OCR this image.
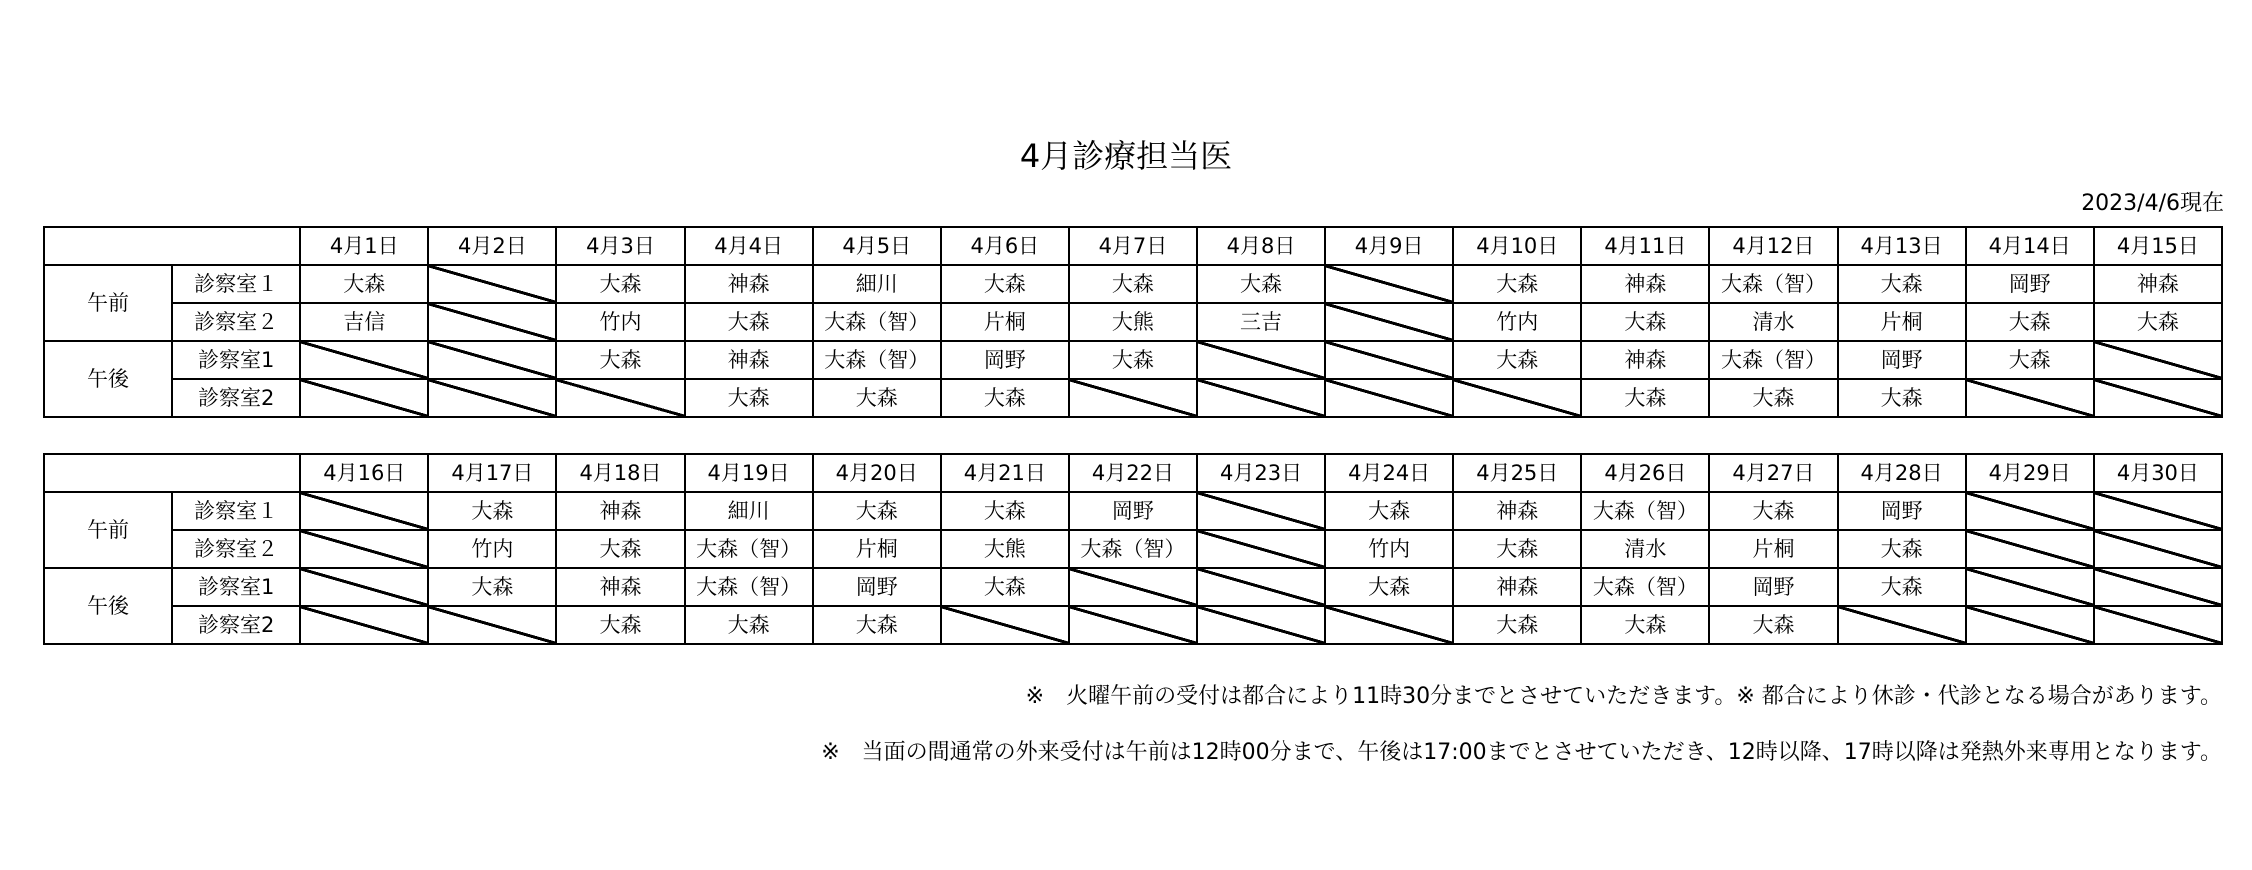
4月診療担当医
2023/4/6現在
		4月1日	4月2日	4月3日	4月4日	4月5日	4月6日	4月7日	4月8日	4月9日	4月10日	4月11日	4月12日	4月13日	4月14日	4月15日
午前	診察室１	大森		大森	神森	細川	大森	大森	大森		大森	神森	大森（智）	大森	岡野	神森
	診察室２	吉信		竹内	大森	大森（智）	片桐	大熊	三吉		竹内	大森	清水	片桐	大森	大森
午後	診察室1			大森	神森	大森（智）	岡野	大森			大森	神森	大森（智）	岡野	大森	
	診察室2				大森	大森	大森					大森	大森	大森		
		4月16日	4月17日	4月18日	4月19日	4月20日	4月21日	4月22日	4月23日	4月24日	4月25日	4月26日	4月27日	4月28日	4月29日	4月30日
午前	診察室１		大森	神森	細川	大森	大森	岡野		大森	神森	大森（智）	大森	岡野		
	診察室２		竹内	大森	大森（智）	片桐	大熊	大森（智）		竹内	大森	清水	片桐	大森		
午後	診察室1		大森	神森	大森（智）	岡野	大森			大森	神森	大森（智）	岡野	大森		
	診察室2			大森	大森	大森					大森	大森	大森			
※　火曜午前の受付は都合により11時30分までとさせていただきます。※ 都合により休診・代診となる場合があります。
※　当面の間通常の外来受付は午前は12時00分まで、午後は17:00までとさせていただき、12時以降、17時以降は発熱外来専用となります。
